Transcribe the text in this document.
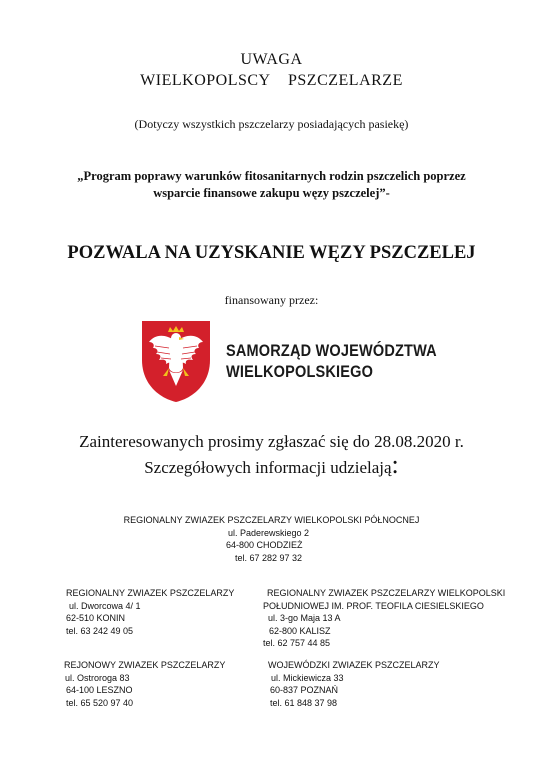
UWAGA
WIELKOPOLSCY    PSZCZELARZE
(Dotyczy wszystkich pszczelarzy posiadających pasiekę)
„Program poprawy warunków fitosanitarnych rodzin pszczelich poprzez
wsparcie finansowe zakupu węzy pszczelej”-
POZWALA NA UZYSKANIE WĘZY PSZCZELEJ
finansowany przez:
SAMORZĄD WOJEWÓDZTWA
WIELKOPOLSKIEGO
Zainteresowanych prosimy zgłaszać się do 28.08.2020 r.
Szczegółowych informacji udzielają:
REGIONALNY ZWIAZEK PSZCZELARZY WIELKOPOLSKI PÓŁNOCNEJ
ul. Paderewskiego 2
64-800 CHODZIEŻ
tel. 67 282 97 32
REGIONALNY ZWIAZEK PSZCZELARZY
ul. Dworcowa 4/ 1
62-510 KONIN
tel. 63 242 49 05
REGIONALNY ZWIAZEK PSZCZELARZY WIELKOPOLSKI
POŁUDNIOWEJ IM. PROF. TEOFILA CIESIELSKIEGO
ul. 3-go Maja 13 A
62-800 KALISZ
tel. 62 757 44 85
REJONOWY ZWIAZEK PSZCZELARZY
ul. Ostroroga 83
64-100 LESZNO
tel. 65 520 97 40
WOJEWÓDZKI ZWIAZEK PSZCZELARZY
ul. Mickiewicza 33
60-837 POZNAŃ
tel. 61 848 37 98
